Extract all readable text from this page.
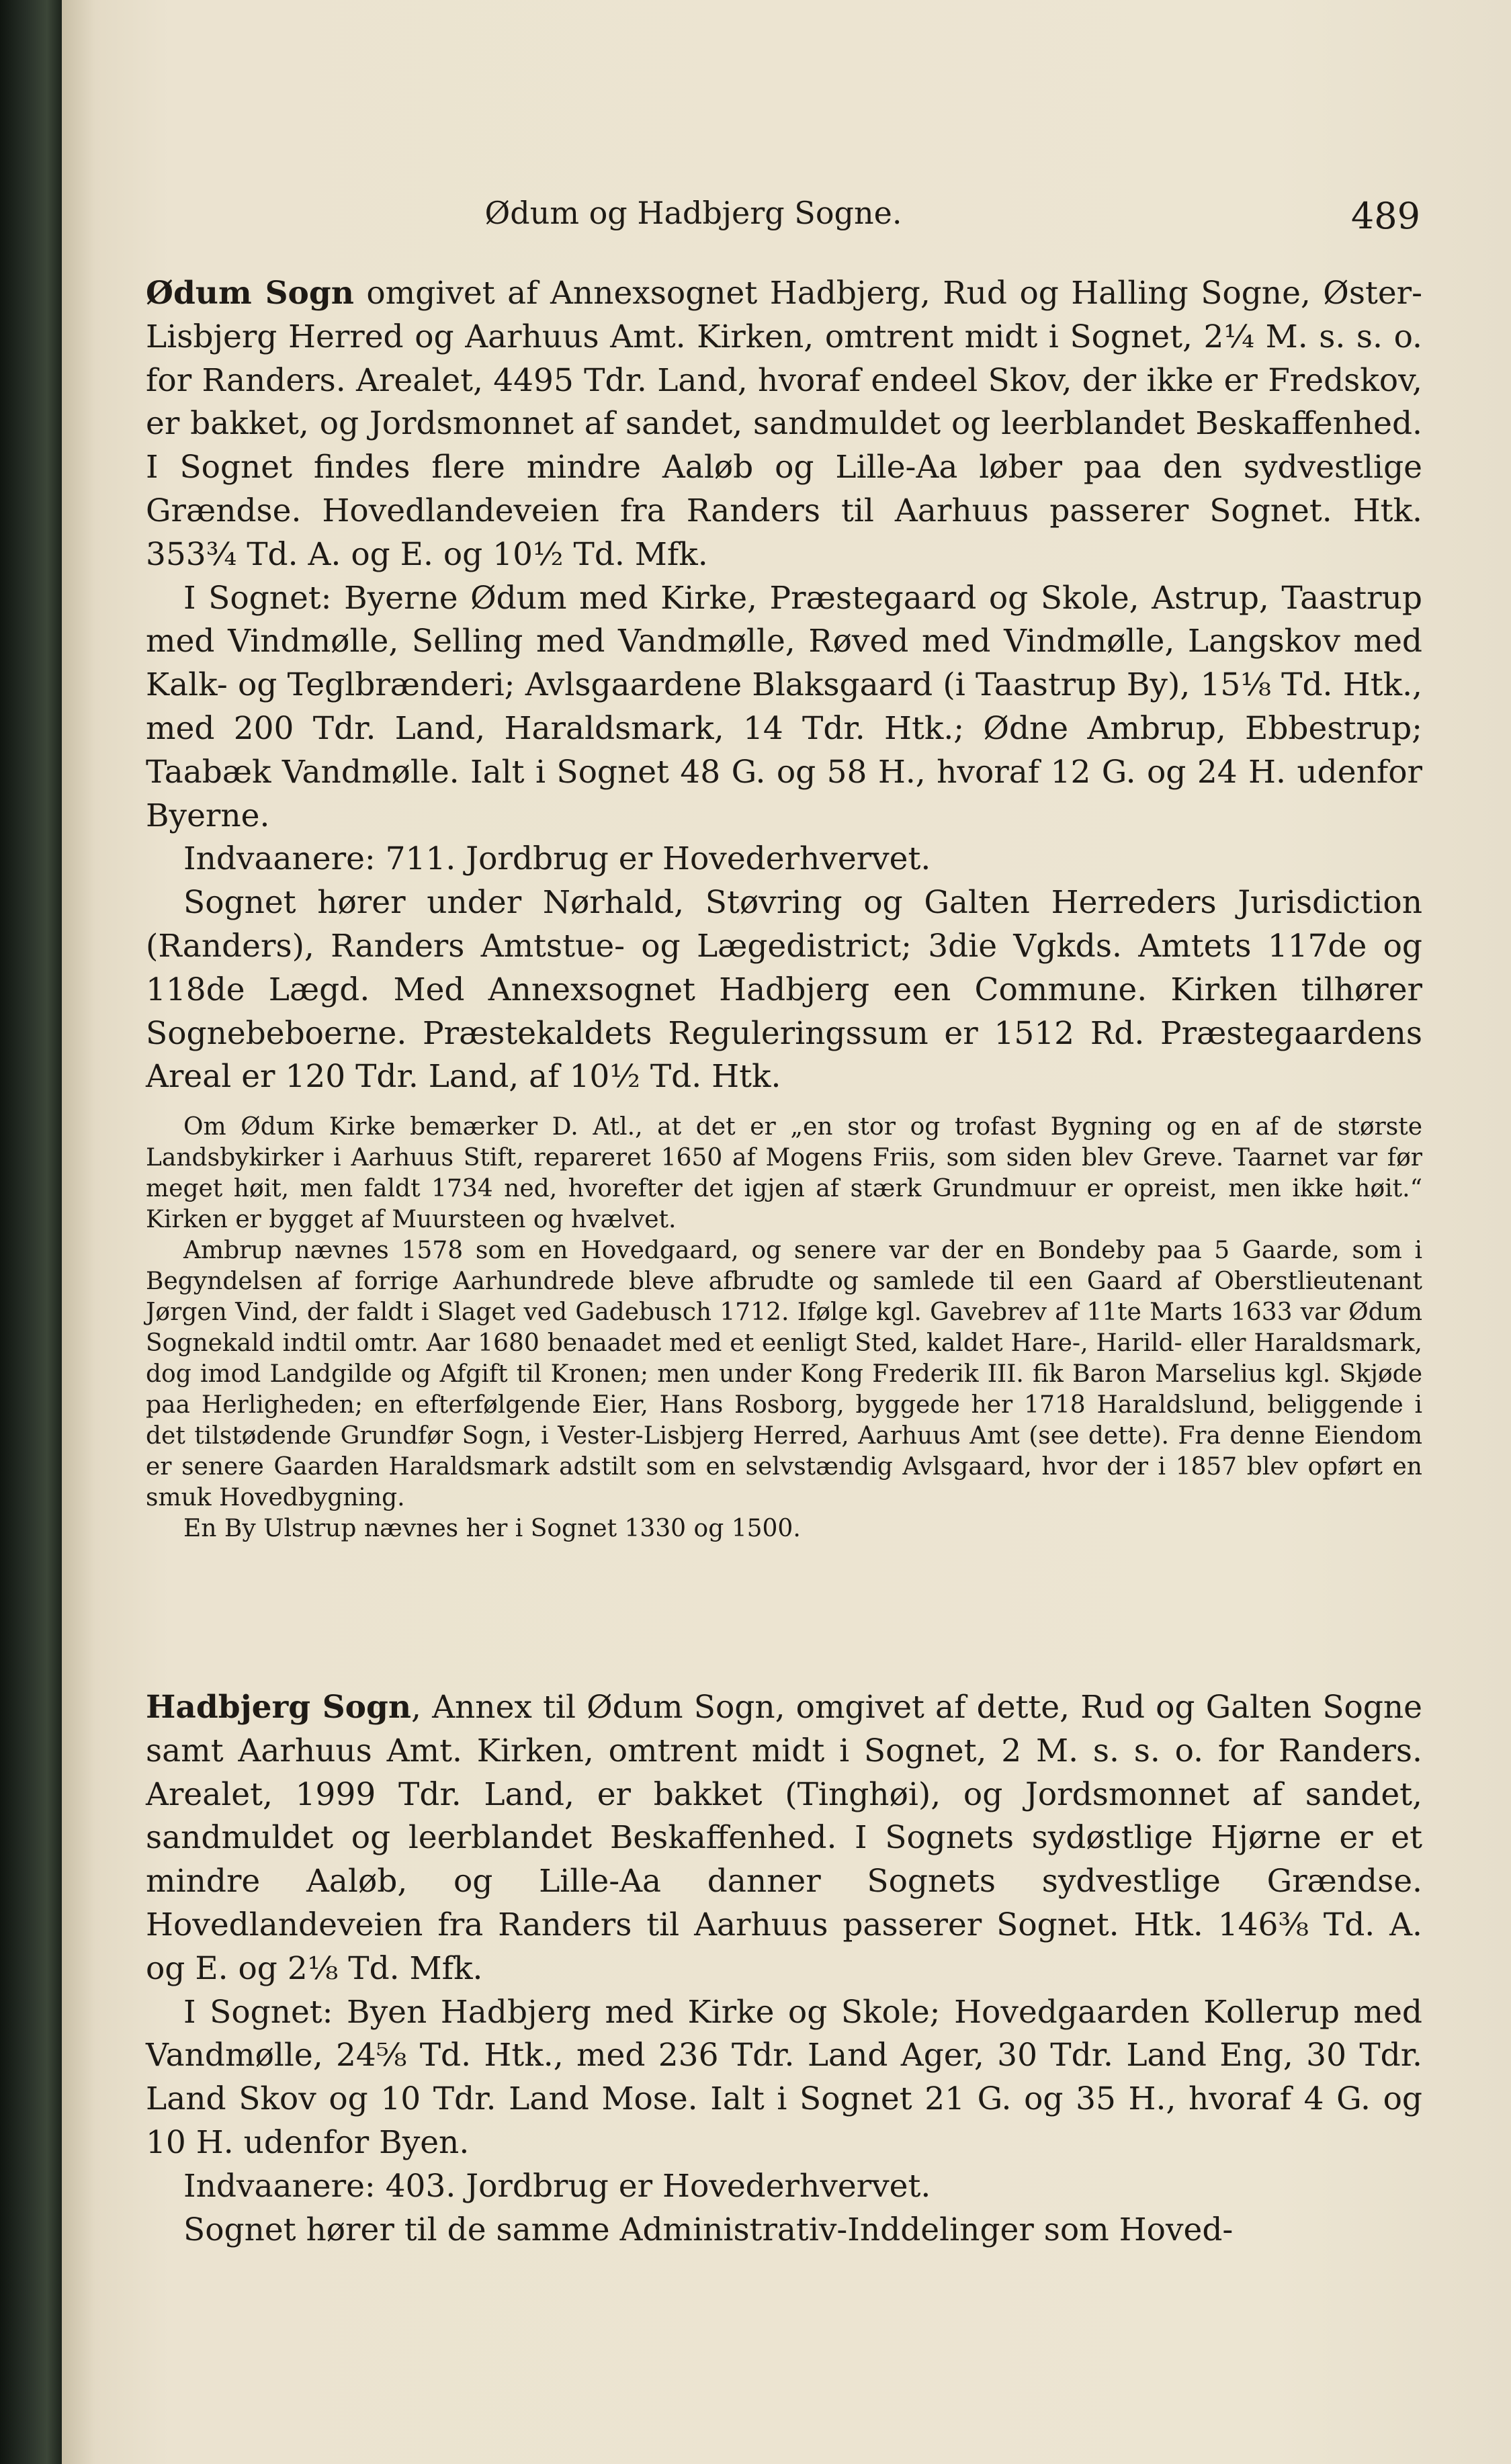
Ødum og Hadbjerg Sogne.	489

Ødum Sogn omgivet af Annexsognet Hadbjerg, Rud og Halling Sogne, Øster-Lisbjerg Herred og Aarhuus Amt. Kirken, omtrent midt i Sognet, 2¼ M. s. s. o. for Randers. Arealet, 4495 Tdr. Land, hvoraf endeel Skov, der ikke er Fredskov, er bakket, og Jordsmonnet af sandet, sandmuldet og leerblandet Beskaffenhed. I Sognet findes flere mindre Aaløb og Lille-Aa løber paa den sydvestlige Grændse. Hovedlandeveien fra Randers til Aarhuus passerer Sognet. Htk. 353¾ Td. A. og E. og 10½ Td. Mfk.

I Sognet: Byerne Ødum med Kirke, Præstegaard og Skole, Astrup, Taastrup med Vindmølle, Selling med Vandmølle, Røved med Vindmølle, Langskov med Kalk- og Teglbrænderi; Avlsgaardene Blaksgaard (i Taastrup By), 15⅛ Td. Htk., med 200 Tdr. Land, Haraldsmark, 14 Tdr. Htk.; Ødne Ambrup, Ebbestrup; Taabæk Vandmølle. Ialt i Sognet 48 G. og 58 H., hvoraf 12 G. og 24 H. udenfor Byerne.

Indvaanere: 711. Jordbrug er Hovederhvervet.

Sognet hører under Nørhald, Støvring og Galten Herreders Jurisdiction (Randers), Randers Amtstue- og Lægedistrict; 3die Vgkds. Amtets 117de og 118de Lægd. Med Annexsognet Hadbjerg een Commune. Kirken tilhører Sognebeboerne. Præstekaldets Reguleringssum er 1512 Rd. Præstegaardens Areal er 120 Tdr. Land, af 10½ Td. Htk.

Om Ødum Kirke bemærker D. Atl., at det er „en stor og trofast Bygning og en af de største Landsbykirker i Aarhuus Stift, repareret 1650 af Mogens Friis, som siden blev Greve. Taarnet var før meget høit, men faldt 1734 ned, hvorefter det igjen af stærk Grundmuur er opreist, men ikke høit.“ Kirken er bygget af Muursteen og hvælvet.

Ambrup nævnes 1578 som en Hovedgaard, og senere var der en Bondeby paa 5 Gaarde, som i Begyndelsen af forrige Aarhundrede bleve afbrudte og samlede til een Gaard af Oberstlieutenant Jørgen Vind, der faldt i Slaget ved Gadebusch 1712. Ifølge kgl. Gavebrev af 11te Marts 1633 var Ødum Sognekald indtil omtr. Aar 1680 benaadet med et eenligt Sted, kaldet Hare-, Harild- eller Haraldsmark, dog imod Landgilde og Afgift til Kronen; men under Kong Frederik III. fik Baron Marselius kgl. Skjøde paa Herligheden; en efterfølgende Eier, Hans Rosborg, byggede her 1718 Haraldslund, beliggende i det tilstødende Grundfør Sogn, i Vester-Lisbjerg Herred, Aarhuus Amt (see dette). Fra denne Eiendom er senere Gaarden Haraldsmark adstilt som en selvstændig Avlsgaard, hvor der i 1857 blev opført en smuk Hovedbygning.

En By Ulstrup nævnes her i Sognet 1330 og 1500.

Hadbjerg Sogn, Annex til Ødum Sogn, omgivet af dette, Rud og Galten Sogne samt Aarhuus Amt. Kirken, omtrent midt i Sognet, 2 M. s. s. o. for Randers. Arealet, 1999 Tdr. Land, er bakket (Tinghøi), og Jordsmonnet af sandet, sandmuldet og leerblandet Beskaffenhed. I Sognets sydøstlige Hjørne er et mindre Aaløb, og Lille-Aa danner Sognets sydvestlige Grændse. Hovedlandeveien fra Randers til Aarhuus passerer Sognet. Htk. 146⅜ Td. A. og E. og 2⅛ Td. Mfk.

I Sognet: Byen Hadbjerg med Kirke og Skole; Hovedgaarden Kollerup med Vandmølle, 24⅝ Td. Htk., med 236 Tdr. Land Ager, 30 Tdr. Land Eng, 30 Tdr. Land Skov og 10 Tdr. Land Mose. Ialt i Sognet 21 G. og 35 H., hvoraf 4 G. og 10 H. udenfor Byen.

Indvaanere: 403. Jordbrug er Hovederhvervet.

Sognet hører til de samme Administrativ-Inddelinger som Hoved-
